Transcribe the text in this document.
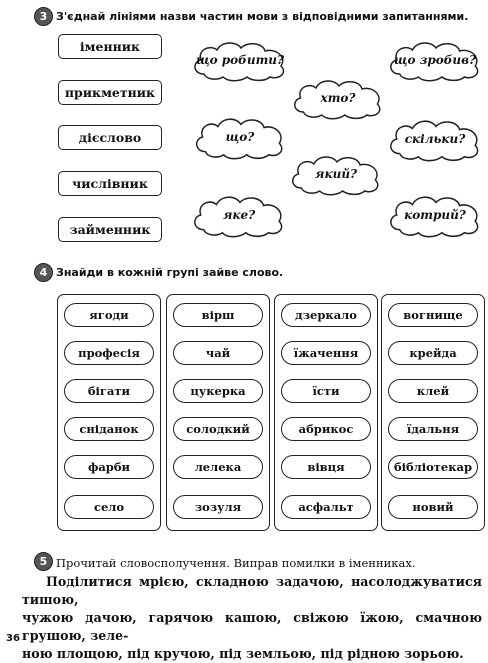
3 З'єднай лініями назви частин мови з відповідними запитаннями.
іменник
прикметник
дієслово
числівник
займенник
що робити?	що зробив?
хто?
що?	скільки?
який?
яке?	котрий?
4 Знайди в кожній групі зайве слово.
ягоди
професія
бігати
сніданок
фарби
село
вірш
чай
цукерка
солодкий
лелека
зозуля
дзеркало
їжачення
їсти
абрикос
вівця
асфальт
вогнище
крейда
клей
їдальня
бібліотекар
новий
5 Прочитай словосполучення. Виправ помилки в іменниках.
Поділитися мрією, складною задачою, насолоджуватися тишою,
чужою дачою, гарячою кашою, свіжою їжою, смачною грушою, зеле-
ною площою, під кручою, під земльою, під рідною зорьою.
36
